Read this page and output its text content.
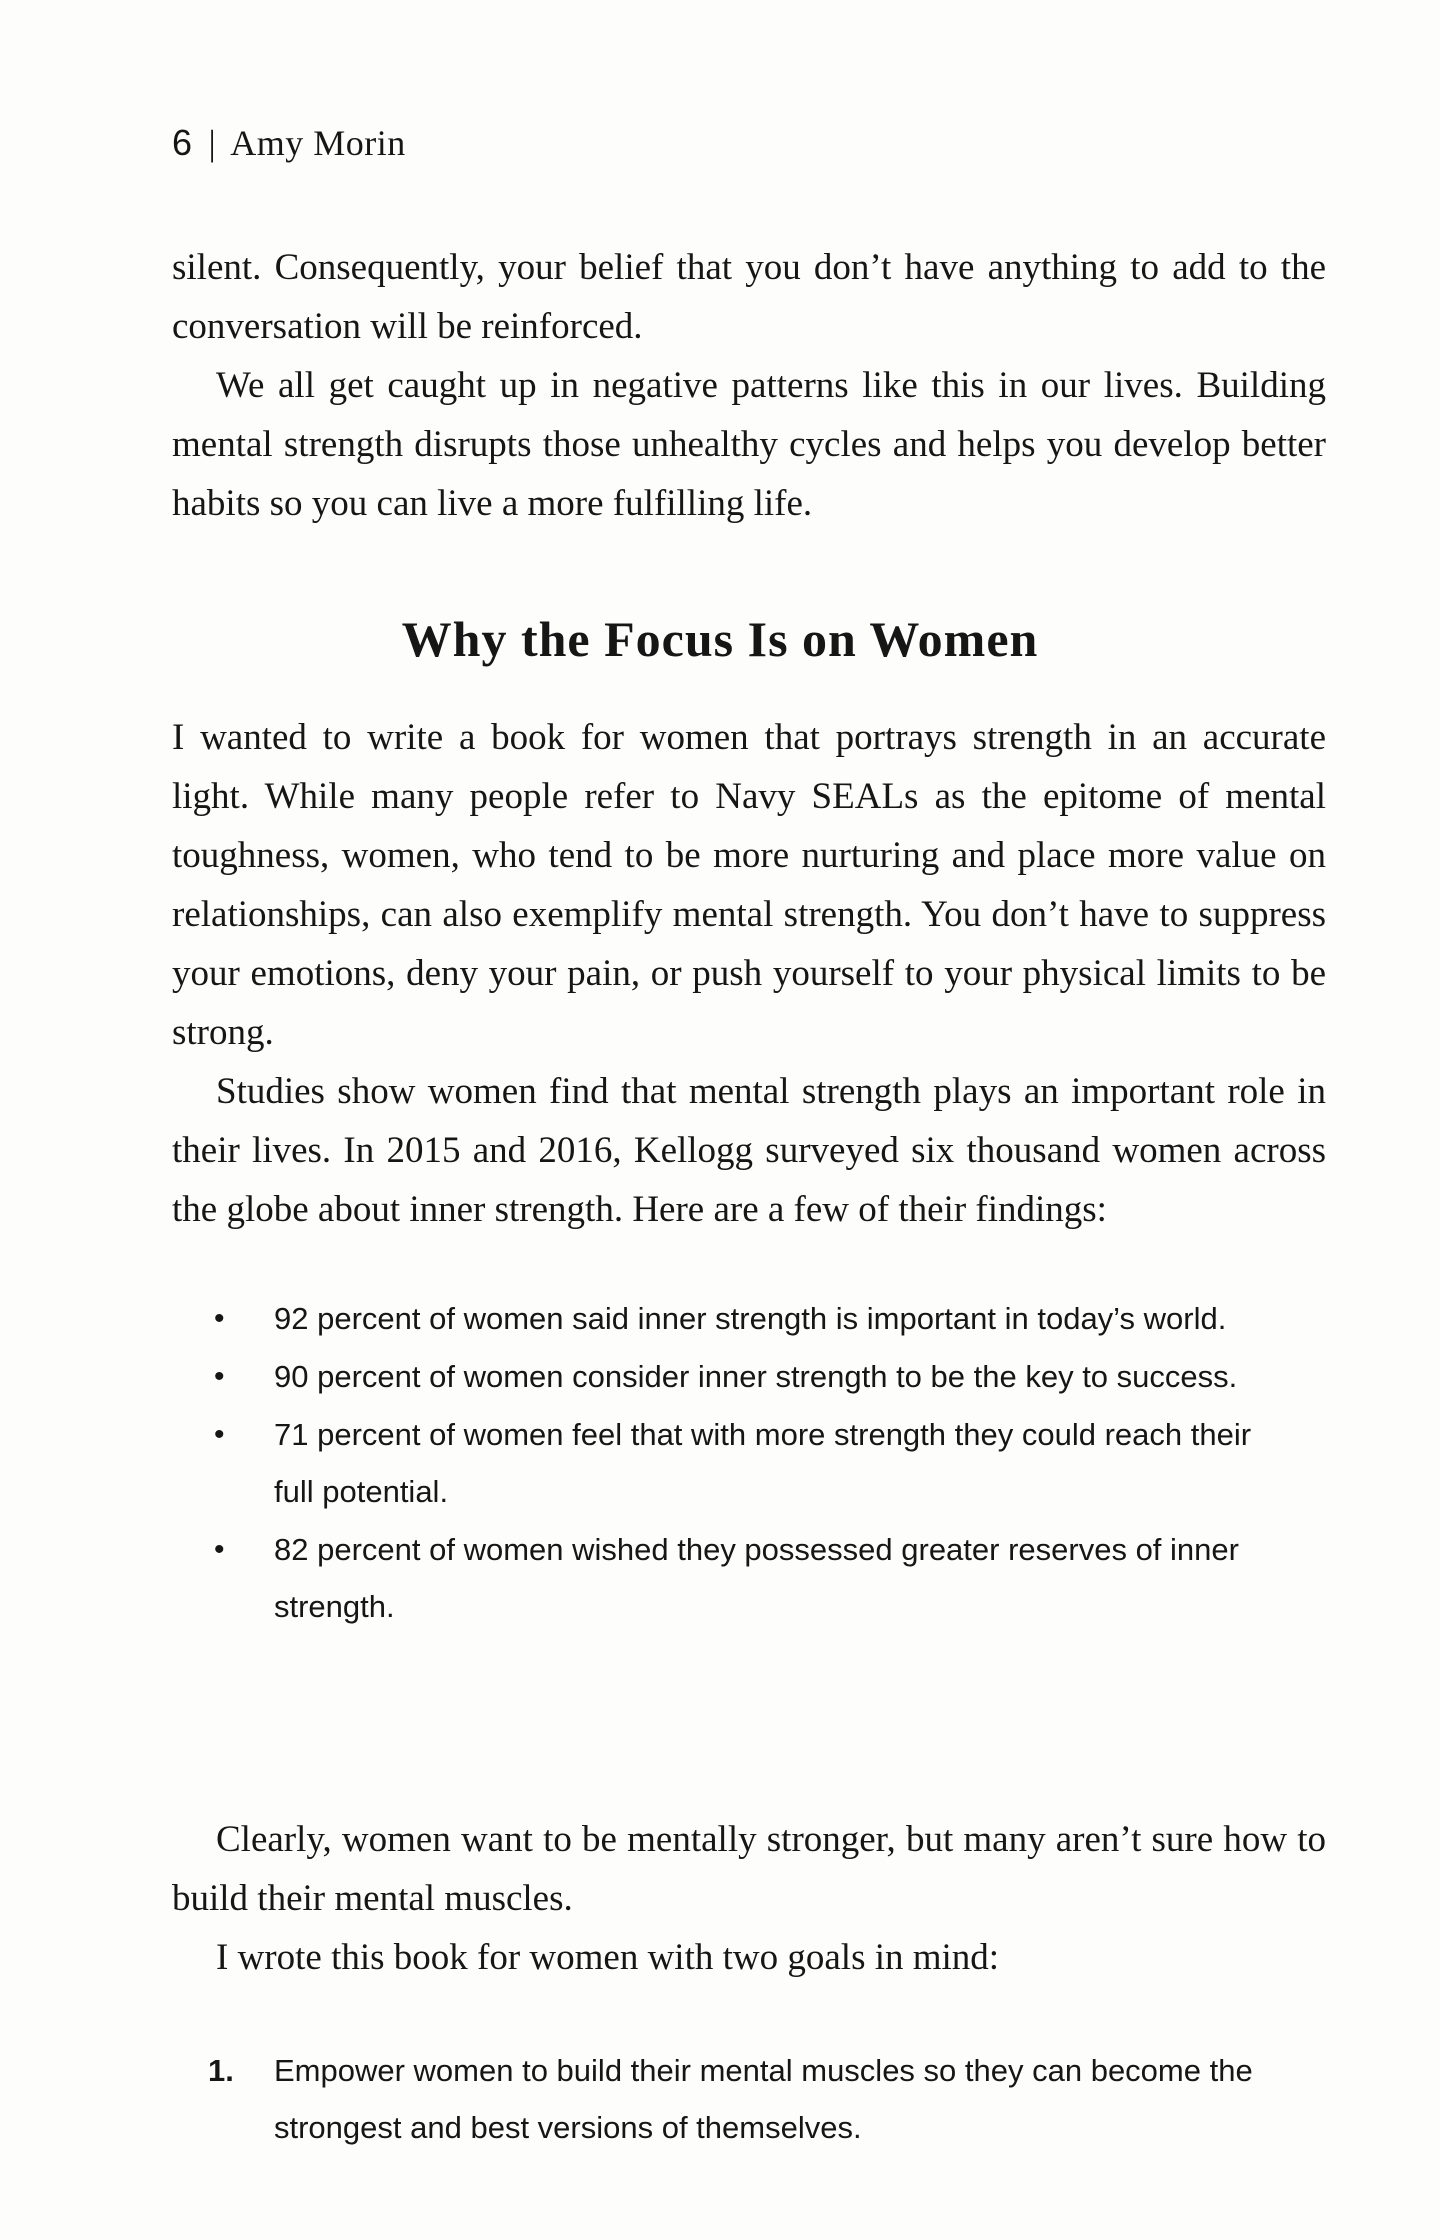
6 | Amy Morin

silent. Consequently, your belief that you don’t have anything to add to the conversation will be reinforced.

We all get caught up in negative patterns like this in our lives. Building mental strength disrupts those unhealthy cycles and helps you develop better habits so you can live a more fulfilling life.

Why the Focus Is on Women

I wanted to write a book for women that portrays strength in an accurate light. While many people refer to Navy SEALs as the epitome of mental toughness, women, who tend to be more nurturing and place more value on relationships, can also exemplify mental strength. You don’t have to suppress your emotions, deny your pain, or push yourself to your physical limits to be strong.

Studies show women find that mental strength plays an important role in their lives. In 2015 and 2016, Kellogg surveyed six thousand women across the globe about inner strength. Here are a few of their findings:

• 92 percent of women said inner strength is important in today’s world.
• 90 percent of women consider inner strength to be the key to success.
• 71 percent of women feel that with more strength they could reach their full potential.
• 82 percent of women wished they possessed greater reserves of inner strength.

Clearly, women want to be mentally stronger, but many aren’t sure how to build their mental muscles.

I wrote this book for women with two goals in mind:

1. Empower women to build their mental muscles so they can become the strongest and best versions of themselves.
